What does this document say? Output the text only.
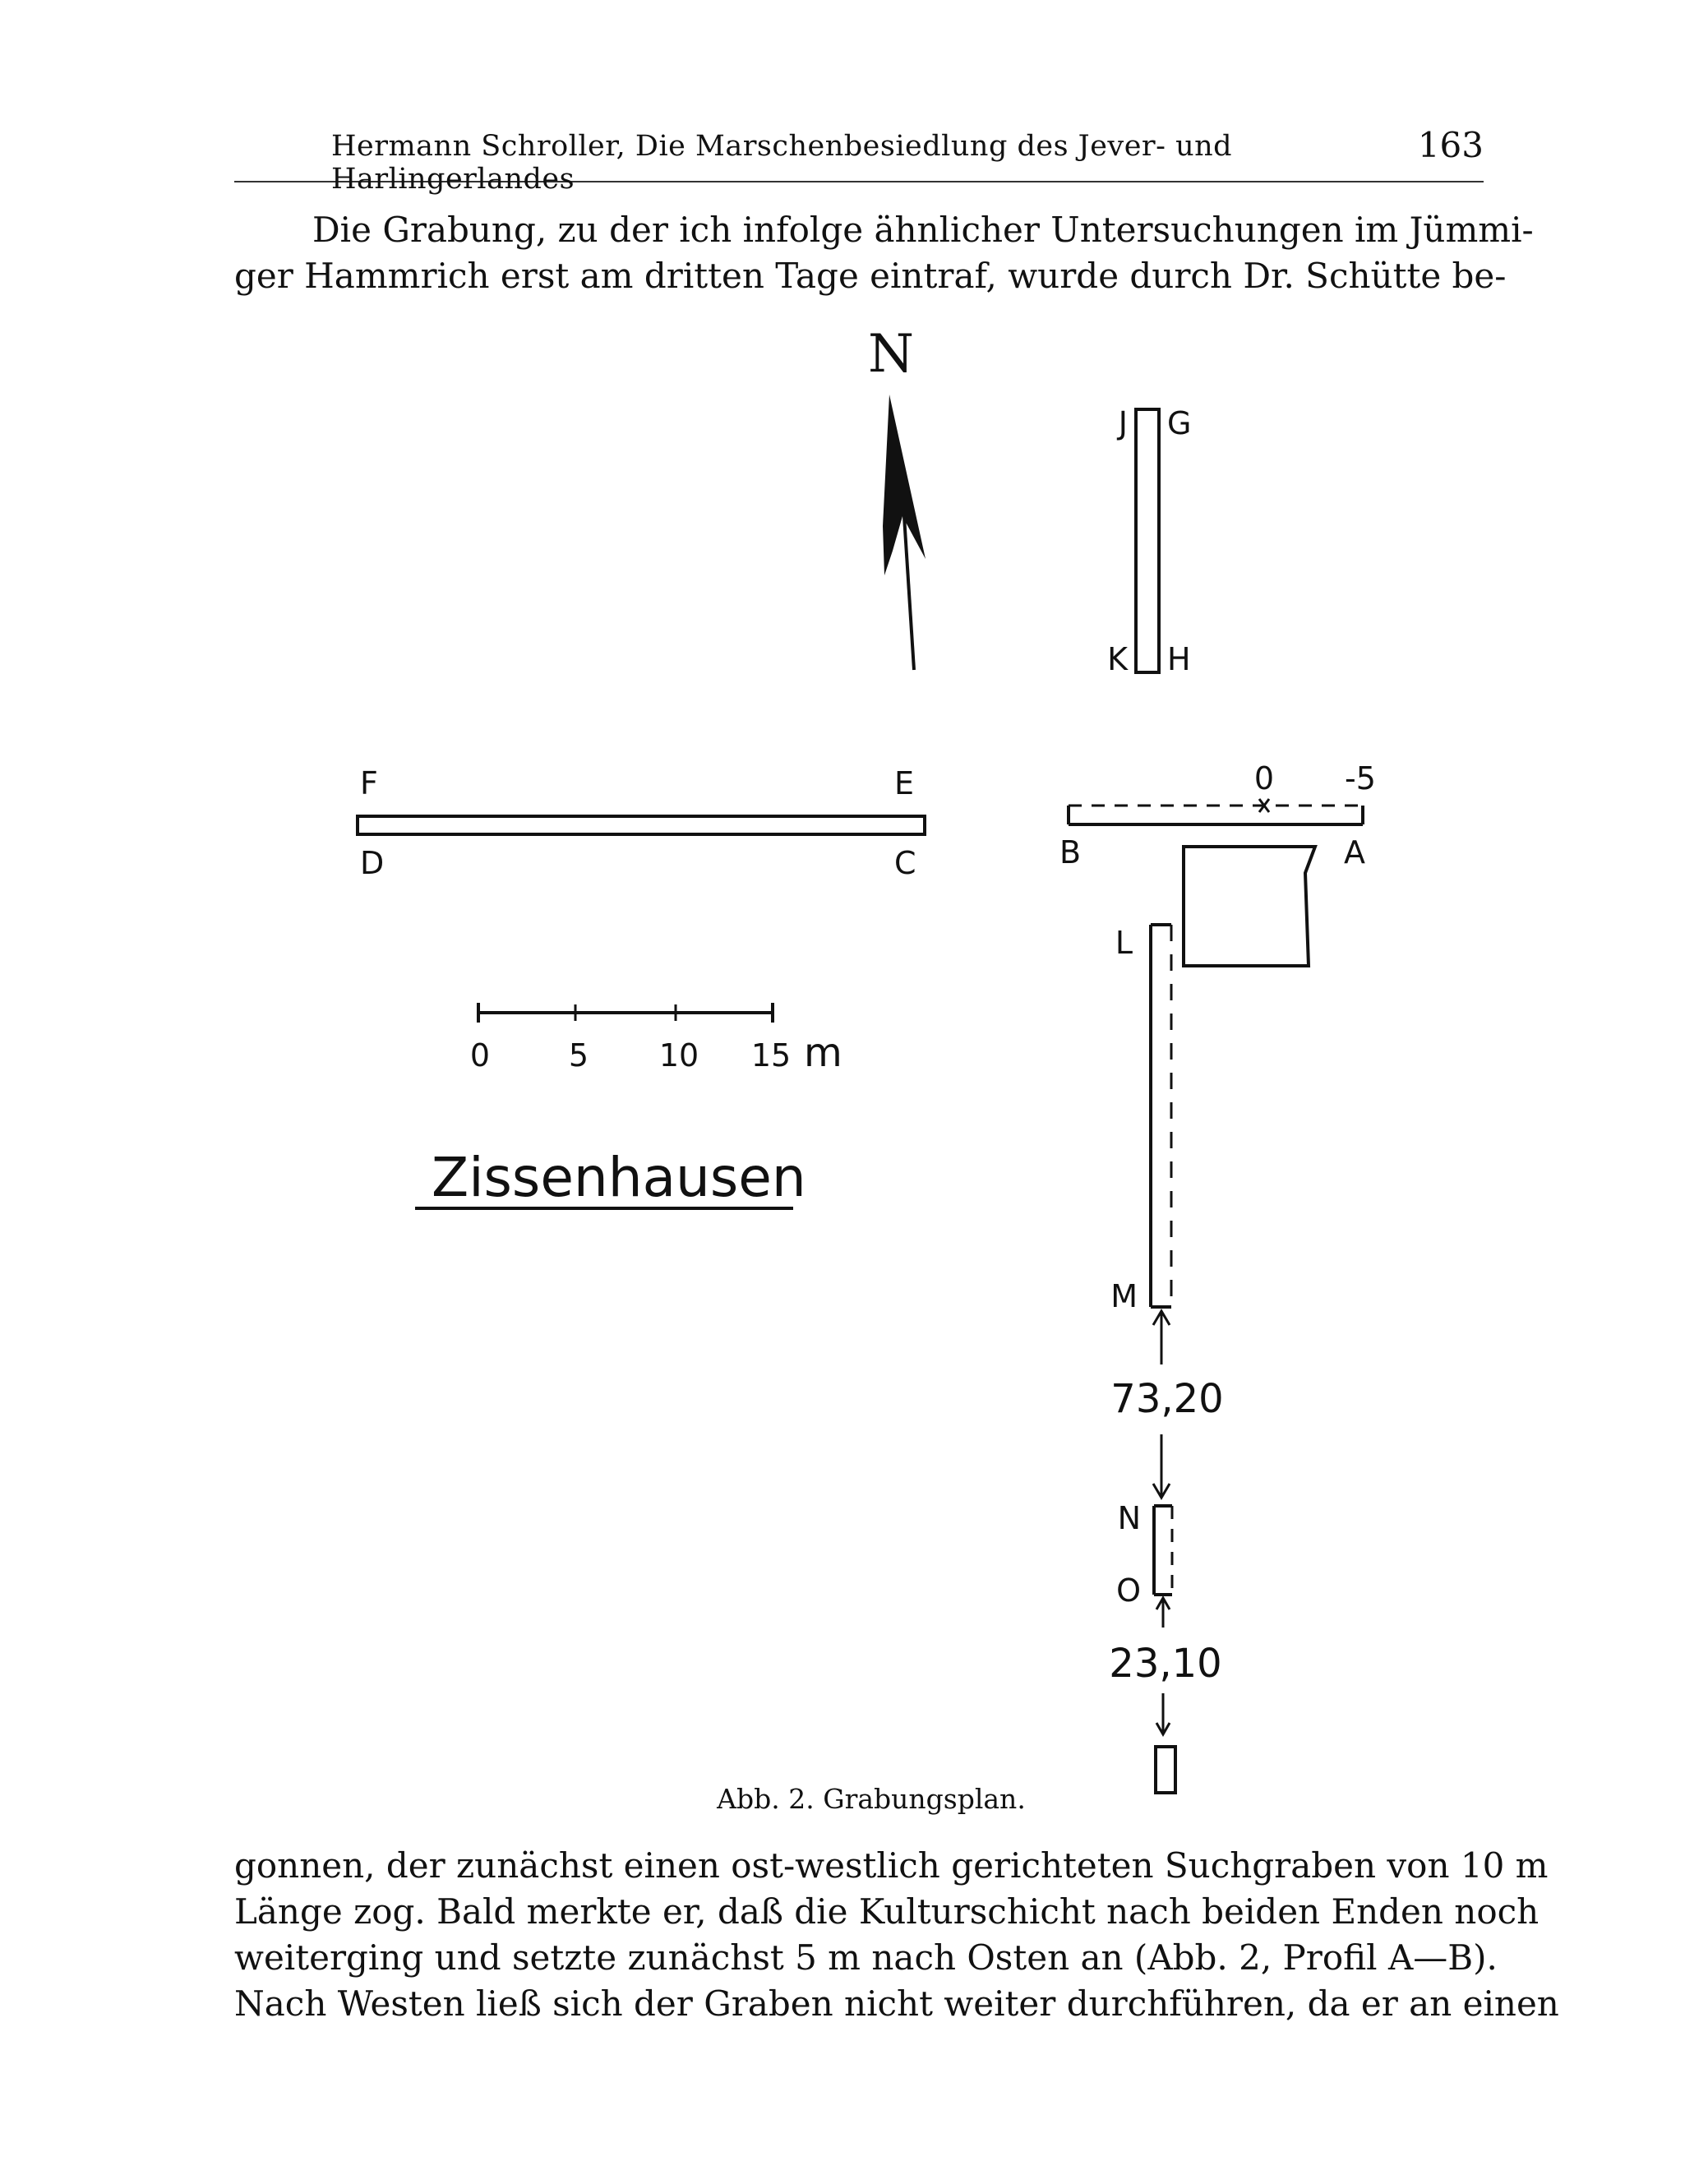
Hermann Schroller, Die Marschenbesiedlung des Jever- und Harlingerlandes
163
Die Grabung, zu der ich infolge ähnlicher Untersuchungen im Jümmi-
ger Hammrich erst am dritten Tage eintraf, wurde durch Dr. Schütte be-
N
J G
K H
F	E
D	C
0 -5
B	A
L
M
73,20
N
O
23,10
0	5 10 15 m
Zissenhausen
Abb. 2. Grabungsplan.
gonnen, der zunächst einen ost-westlich gerichteten Suchgraben von 10 m
Länge zog. Bald merkte er, daß die Kulturschicht nach beiden Enden noch
weiterging und setzte zunächst 5 m nach Osten an (Abb. 2, Profil A—B).
Nach Westen ließ sich der Graben nicht weiter durchführen, da er an einen
